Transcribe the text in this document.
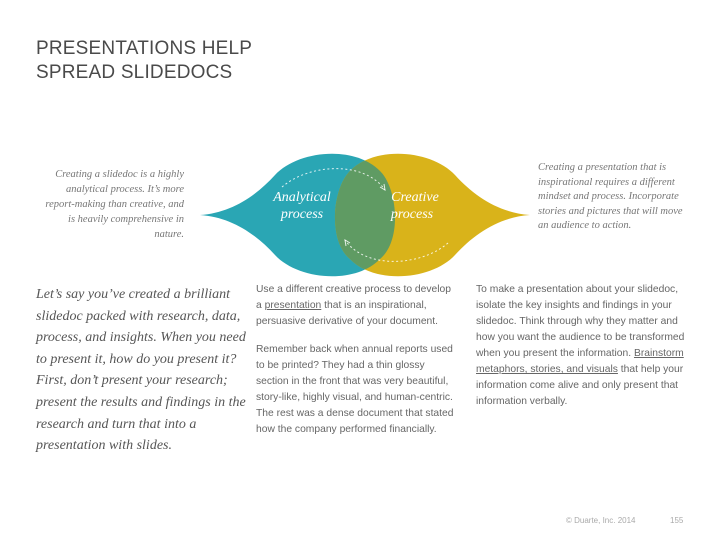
PRESENTATIONS HELP
SPREAD SLIDEDOCS
Creating a slidedoc is a highly analytical process. It’s more report-making than creative, and is heavily comprehensive in nature.
Creating a presentation that is inspirational requires a different mindset and process. Incorporate stories and pictures that will move an audience to action.
Analytical
process
Creative
process
Let’s say you’ve created a brilliant slidedoc packed with research, data, process, and insights. When you need to present it, how do you present it? First, don’t present your research; present the results and findings in the research and turn that into a presentation with slides.

Use a different creative process to develop a presentation that is an inspirational, persuasive derivative of your document.

Remember back when annual reports used to be printed? They had a thin glossy section in the front that was very beautiful, story-like, highly visual, and human-centric. The rest was a dense document that stated how the company performed financially.

To make a presentation about your slidedoc, isolate the key insights and findings in your slidedoc. Think through why they matter and how you want the audience to be transformed when you present the information. Brainstorm metaphors, stories, and visuals that help your information come alive and only present that information verbally.

© Duarte, Inc. 2014	155
